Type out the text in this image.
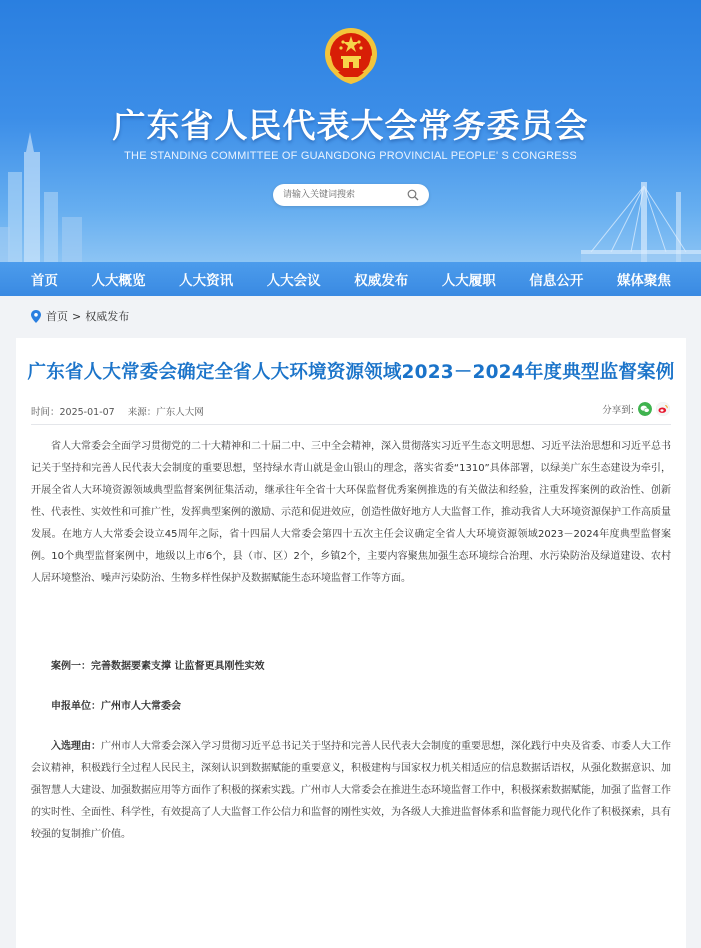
广东省人民代表大会常务委员会
THE STANDING COMMITTEE OF GUANGDONG PROVINCIAL PEOPLE' S CONGRESS
请输入关键词搜索
首页 人大概览 人大资讯 人大会议 权威发布 人大履职 信息公开 媒体聚焦
首页 > 权威发布
广东省人大常委会确定全省人大环境资源领域2023－2024年度典型监督案例
时间：2025-01-07 来源：广东人大网	分享到:

省人大常委会全面学习贯彻党的二十大精神和二十届二中、三中全会精神，深入贯彻落实习近平生态文明思想、习近平法治思想和习近平总书记关于坚持和完善人民代表大会制度的重要思想，坚持绿水青山就是金山银山的理念，落实省委“1310”具体部署，以绿美广东生态建设为牵引，开展全省人大环境资源领域典型监督案例征集活动，继承往年全省十大环保监督优秀案例推选的有关做法和经验，注重发挥案例的政治性、创新性、代表性、实效性和可推广性，发挥典型案例的激励、示范和促进效应，创造性做好地方人大监督工作，推动我省人大环境资源保护工作高质量发展。在地方人大常委会设立45周年之际，省十四届人大常委会第四十五次主任会议确定全省人大环境资源领域2023－2024年度典型监督案例。10个典型监督案例中，地级以上市6个，县（市、区）2个，乡镇2个，主要内容聚焦加强生态环境综合治理、水污染防治及绿道建设、农村人居环境整治、噪声污染防治、生物多样性保护及数据赋能生态环境监督工作等方面。

案例一：完善数据要素支撑 让监督更具刚性实效

申报单位：广州市人大常委会

入选理由：广州市人大常委会深入学习贯彻习近平总书记关于坚持和完善人民代表大会制度的重要思想，深化践行中央及省委、市委人大工作会议精神，积极践行全过程人民民主，深刻认识到数据赋能的重要意义，积极建构与国家权力机关相适应的信息数据话语权，从强化数据意识、加强智慧人大建设、加强数据应用等方面作了积极的探索实践。广州市人大常委会在推进生态环境监督工作中，积极探索数据赋能，加强了监督工作的实时性、全面性、科学性，有效提高了人大监督工作公信力和监督的刚性实效，为各级人大推进监督体系和监督能力现代化作了积极探索，具有较强的复制推广价值。
